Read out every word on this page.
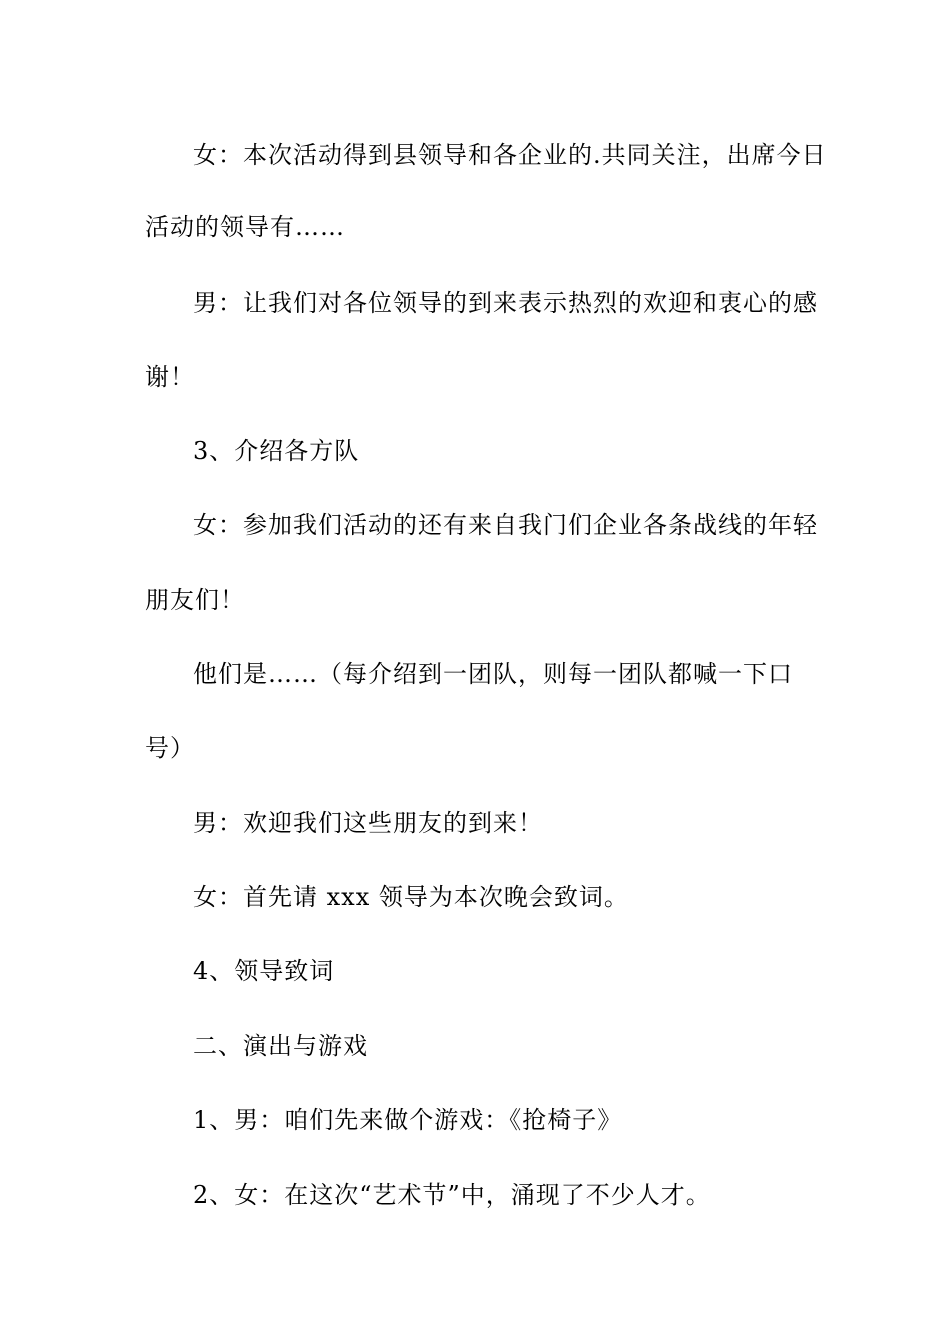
女：本次活动得到县领导和各企业的.共同关注，出席今日
活动的领导有……
男：让我们对各位领导的到来表示热烈的欢迎和衷心的感
谢！
3、介绍各方队
女：参加我们活动的还有来自我门们企业各条战线的年轻
朋友们！
他们是……（每介绍到一团队，则每一团队都喊一下口
号）
男：欢迎我们这些朋友的到来！
女：首先请 xxx 领导为本次晚会致词。
4、领导致词
二、演出与游戏
1、男：咱们先来做个游戏：《抢椅子》
2、女：在这次“艺术节”中，涌现了不少人才。
